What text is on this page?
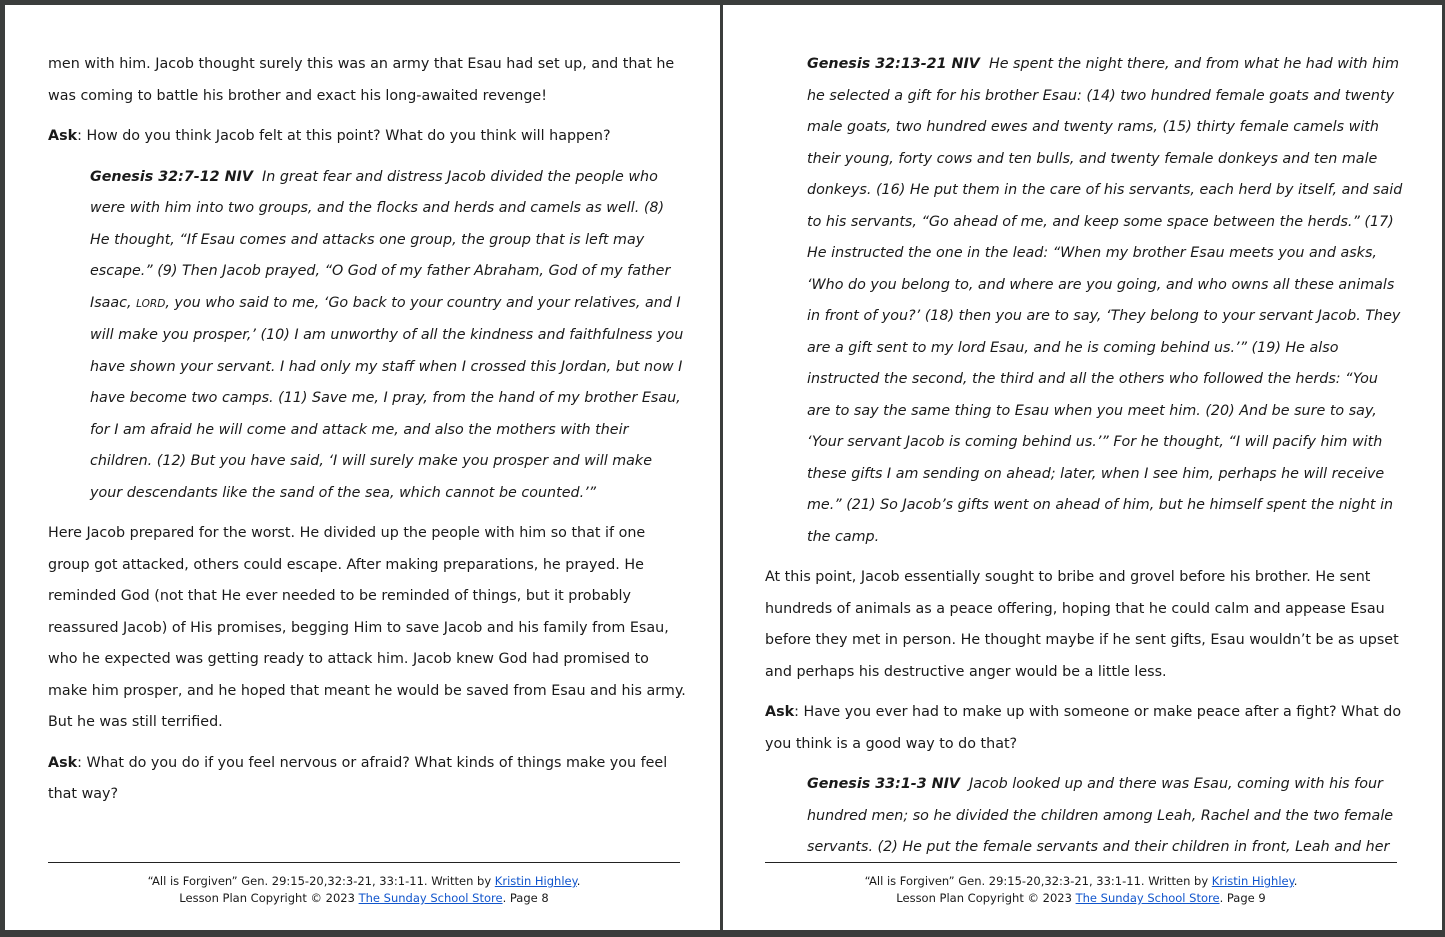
men with him. Jacob thought surely this was an army that Esau had set up, and that he was coming to battle his brother and exact his long-awaited revenge!

Ask: How do you think Jacob felt at this point? What do you think will happen?

Genesis 32:7-12 NIV In great fear and distress Jacob divided the people who were with him into two groups, and the flocks and herds and camels as well. (8) He thought, “If Esau comes and attacks one group, the group that is left may escape.” (9) Then Jacob prayed, “O God of my father Abraham, God of my father Isaac, LORD, you who said to me, ‘Go back to your country and your relatives, and I will make you prosper,’ (10) I am unworthy of all the kindness and faithfulness you have shown your servant. I had only my staff when I crossed this Jordan, but now I have become two camps. (11) Save me, I pray, from the hand of my brother Esau, for I am afraid he will come and attack me, and also the mothers with their children. (12) But you have said, ‘I will surely make you prosper and will make your descendants like the sand of the sea, which cannot be counted.’”

Here Jacob prepared for the worst. He divided up the people with him so that if one group got attacked, others could escape. After making preparations, he prayed. He reminded God (not that He ever needed to be reminded of things, but it probably reassured Jacob) of His promises, begging Him to save Jacob and his family from Esau, who he expected was getting ready to attack him. Jacob knew God had promised to make him prosper, and he hoped that meant he would be saved from Esau and his army. But he was still terrified.

Ask: What do you do if you feel nervous or afraid? What kinds of things make you feel that way?

“All is Forgiven” Gen. 29:15-20,32:3-21, 33:1-11. Written by Kristin Highley.
Lesson Plan Copyright © 2023 The Sunday School Store. Page 8

Genesis 32:13-21 NIV He spent the night there, and from what he had with him he selected a gift for his brother Esau: (14) two hundred female goats and twenty male goats, two hundred ewes and twenty rams, (15) thirty female camels with their young, forty cows and ten bulls, and twenty female donkeys and ten male donkeys. (16) He put them in the care of his servants, each herd by itself, and said to his servants, “Go ahead of me, and keep some space between the herds.” (17) He instructed the one in the lead: “When my brother Esau meets you and asks, ‘Who do you belong to, and where are you going, and who owns all these animals in front of you?’ (18) then you are to say, ‘They belong to your servant Jacob. They are a gift sent to my lord Esau, and he is coming behind us.’” (19) He also instructed the second, the third and all the others who followed the herds: “You are to say the same thing to Esau when you meet him. (20) And be sure to say, ‘Your servant Jacob is coming behind us.’” For he thought, “I will pacify him with these gifts I am sending on ahead; later, when I see him, perhaps he will receive me.” (21) So Jacob’s gifts went on ahead of him, but he himself spent the night in the camp.

At this point, Jacob essentially sought to bribe and grovel before his brother. He sent hundreds of animals as a peace offering, hoping that he could calm and appease Esau before they met in person. He thought maybe if he sent gifts, Esau wouldn’t be as upset and perhaps his destructive anger would be a little less.

Ask: Have you ever had to make up with someone or make peace after a fight? What do you think is a good way to do that?

Genesis 33:1-3 NIV Jacob looked up and there was Esau, coming with his four hundred men; so he divided the children among Leah, Rachel and the two female servants. (2) He put the female servants and their children in front, Leah and her

“All is Forgiven” Gen. 29:15-20,32:3-21, 33:1-11. Written by Kristin Highley.
Lesson Plan Copyright © 2023 The Sunday School Store. Page 9
